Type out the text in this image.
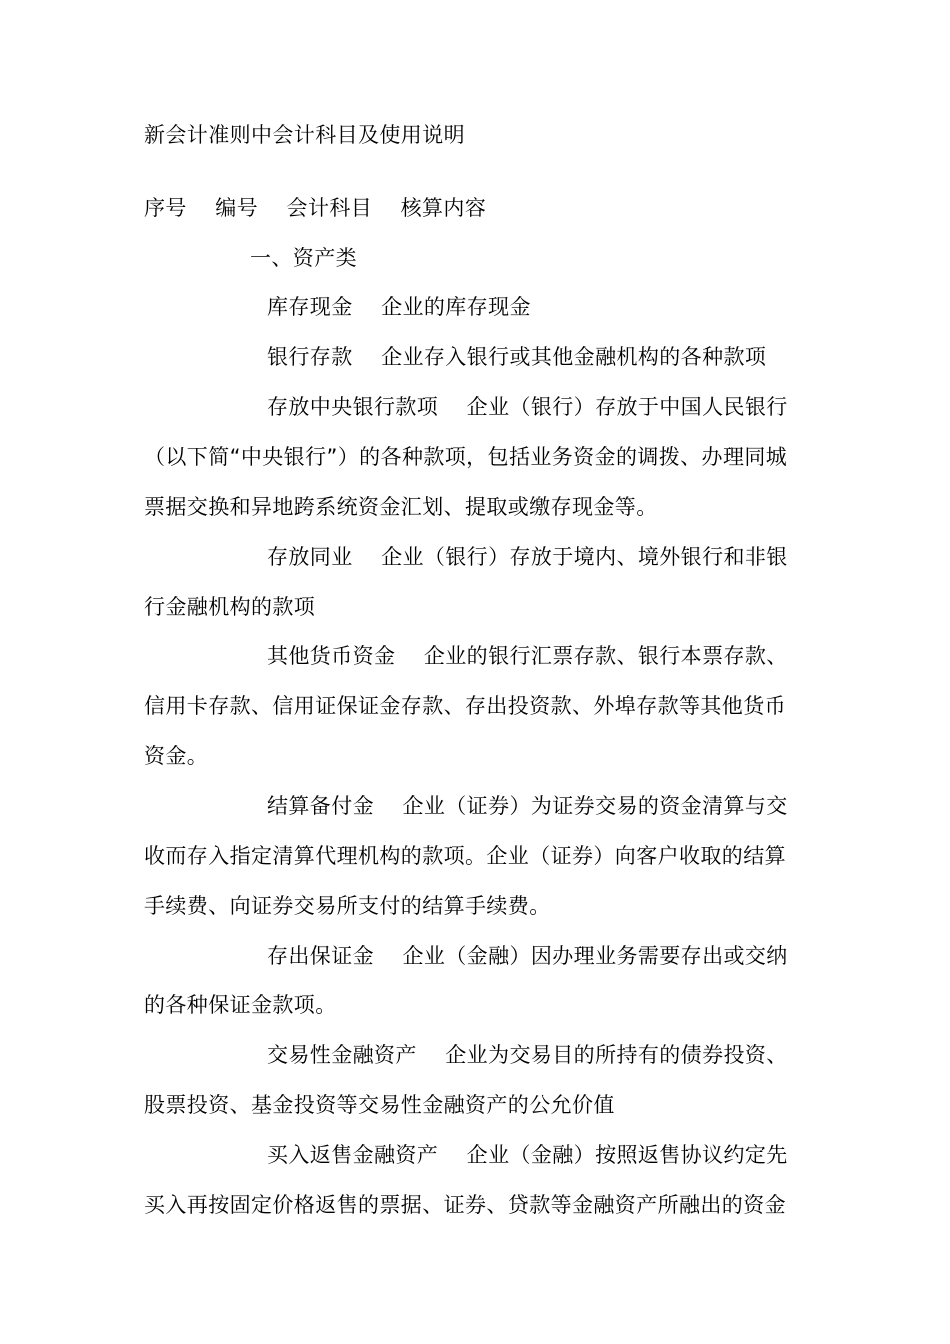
新会计准则中会计科目及使用说明
序号　 编号　 会计科目　 核算内容
一、资产类
库存现金　 企业的库存现金
银行存款　 企业存入银行或其他金融机构的各种款项
存放中央银行款项　 企业（银行）存放于中国人民银行
（以下简“中央银行”）的各种款项，包括业务资金的调拨、办理同城
票据交换和异地跨系统资金汇划、提取或缴存现金等。
存放同业　 企业（银行）存放于境内、境外银行和非银
行金融机构的款项
其他货币资金　 企业的银行汇票存款、银行本票存款、
信用卡存款、信用证保证金存款、存出投资款、外埠存款等其他货币
资金。
结算备付金　 企业（证券）为证券交易的资金清算与交
收而存入指定清算代理机构的款项。企业（证券）向客户收取的结算
手续费、向证券交易所支付的结算手续费。
存出保证金　 企业（金融）因办理业务需要存出或交纳
的各种保证金款项。
交易性金融资产　 企业为交易目的所持有的债券投资、
股票投资、基金投资等交易性金融资产的公允价值
买入返售金融资产　 企业（金融）按照返售协议约定先
买入再按固定价格返售的票据、证券、贷款等金融资产所融出的资金
